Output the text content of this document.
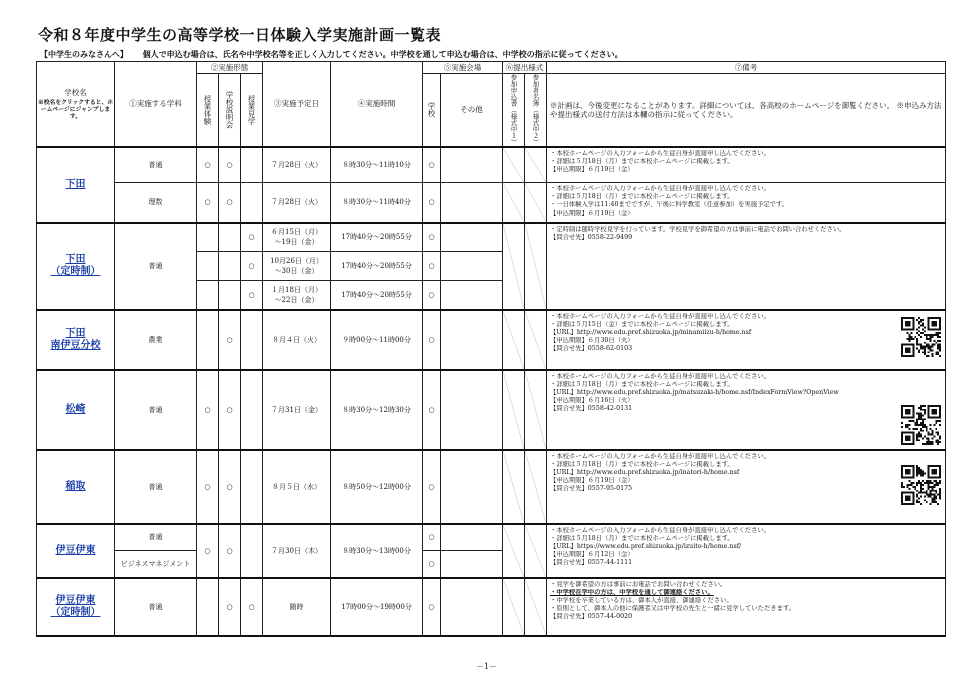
令和８年度中学生の高等学校一日体験入学実施計画一覧表
【中学生のみなさんへ】 個人で申込む場合は、氏名や中学校名等を正しく入力してください。中学校を通して申込む場合は、中学校の指示に従ってください。
学校名
※校名をクリックすると、ホームページにジャンプします。	①実施する学科	②実施形態			③実施予定日	④実施時間	⑤実施会場		⑥提出様式		⑦備考

		授業体験	学校説明会	授業見学			学校	その他	参加申込書（様式中１）	参加者名簿（様式中２）	※計画は、今後変更になることがあります。詳細については、各高校のホームページを御覧ください。 ※申込み方法や提出様式の送付方法は本欄の指示に従ってください。
下田	普通	○	○		７月28日（火）	８時30分～11時10分	○				・本校ホームページの入力フォームから生徒自身が直接申し込んでください。
・詳細は５月18日（月）までに本校ホームページに掲載します。
【申込期限】６月19日（金）

	理数	○	○		７月28日（火）	８時30分～11時40分	○				・本校ホームページの入力フォームから生徒自身が直接申し込んでください。
・詳細は５月18日（月）までに本校ホームページに掲載します。
・一日体験入学は11:40までですが、午後に科学教室（任意参加）を実施予定です。
【申込期限】６月19日（金）

下田
（定時制）	普通			○	６月15日（月）
～19日（金）	17時40分～20時55分	○				・定時制は随時学校見学を行っています。学校見学を御希望の方は事前に電話でお問い合わせください。
【問合せ先】0558-22-9499

				○	10月26日（月）
～30日（金）	17時40分～20時55分	○				
				○	１月18日（月）
～22日（金）	17時40分～20時55分	○				
下田
南伊豆分校	農業		○		８月４日（火）	９時00分～11時00分	○				・本校ホームページの入力フォームから生徒自身が直接申し込んでください。
・詳細は５月15日（金）までに本校ホームページに掲載します。
【URL】http://www.edu.pref.shizuoka.jp/minamiizu-h/home.nsf
【申込期限】６月30日（火）
【問合せ先】0558-62-0103

松崎	普通	○	○		７月31日（金）	８時30分～12時30分	○				・本校ホームページの入力フォームから生徒自身が直接申し込んでください。
・詳細は５月18日（月）までに本校ホームページに掲載します。
【URL】http://www.edu.pref.shizuoka.jp/matsuzaki-h/home.nsf/IndexFormView?OpenView
【申込期限】６月16日（火）
【問合せ先】0558-42-0131

稲取	普通	○	○		８月５日（水）	８時50分～12時00分	○				・本校ホームページの入力フォームから生徒自身が直接申し込んでください。
・詳細は５月18日（月）までに本校ホームページに掲載します。
【URL】http://www.edu.pref.shizuoka.jp/inatori-h/home.nsf
【申込期限】６月19日（金）
【問合せ先】0557-95-0175

伊豆伊東	普通	○	○		７月30日（木）	８時30分～13時00分	○				・本校ホームページの入力フォームから生徒自身が直接申し込んでください。
・詳細は５月18日（月）までに本校ホームページに掲載します。
【URL】https://www.edu.pref.shizuoka.jp/izuito-h/home.nsf/
【申込期限】６月12日（金）
【問合せ先】0557-44-1111

	ビジネスマネジメント						○				
伊豆伊東
（定時制）	普通		○	○	随時	17時00分～19時00分	○				・見学を御希望の方は事前にお電話でお問い合わせください。
・中学校在学中の方は、中学校を通して御連絡ください。
・中学校を卒業している方は、御本人が直接、御連絡ください。
・原則として、御本人の他に保護者又は中学校の先生と一緒に見学していただきます。
【問合せ先】0557-44-0020
－1－
